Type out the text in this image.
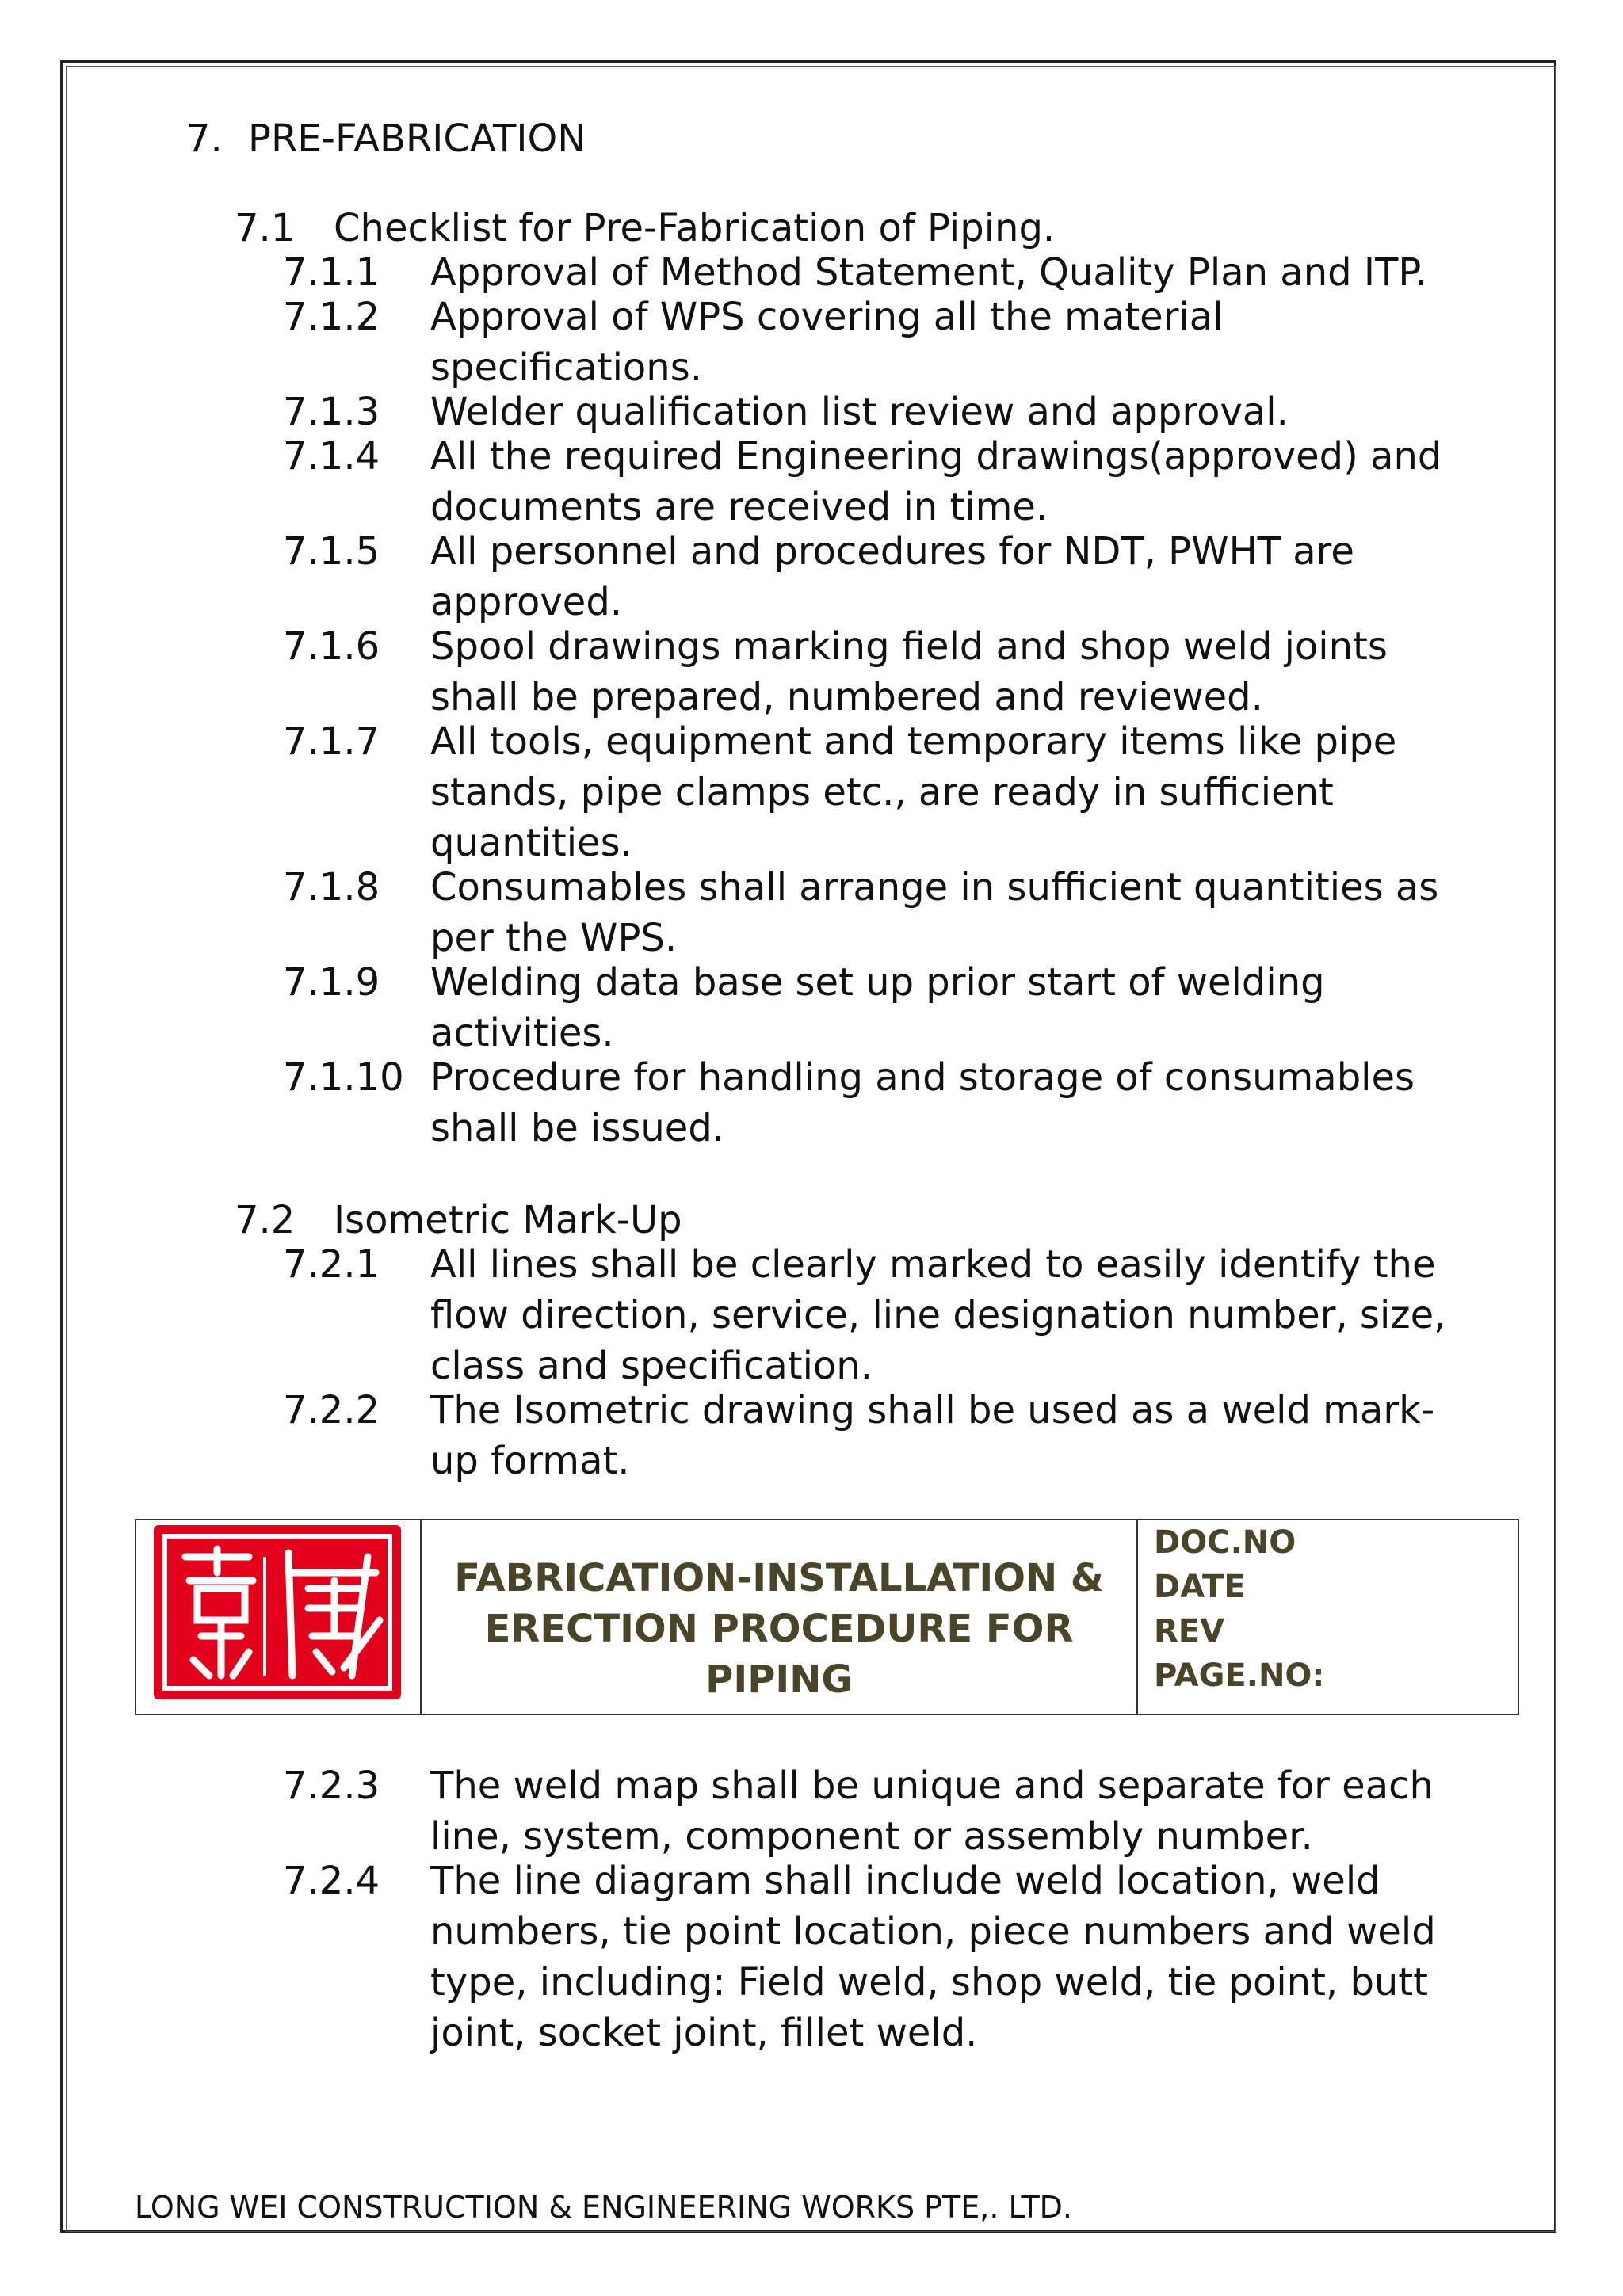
7. PRE-FABRICATION
7.1 Checklist for Pre-Fabrication of Piping.
7.1.1 Approval of Method Statement, Quality Plan and ITP.
7.1.2 Approval of WPS covering all the material specifications.
7.1.3 Welder qualification list review and approval.
7.1.4 All the required Engineering drawings(approved) and documents are received in time.
7.1.5 All personnel and procedures for NDT, PWHT are approved.
7.1.6 Spool drawings marking field and shop weld joints shall be prepared, numbered and reviewed.
7.1.7 All tools, equipment and temporary items like pipe stands, pipe clamps etc., are ready in sufficient quantities.
7.1.8 Consumables shall arrange in sufficient quantities as per the WPS.
7.1.9 Welding data base set up prior start of welding activities.
7.1.10 Procedure for handling and storage of consumables shall be issued.
7.2 Isometric Mark-Up
7.2.1 All lines shall be clearly marked to easily identify the flow direction, service, line designation number, size, class and specification.
7.2.2 The Isometric drawing shall be used as a weld mark-up format.
FABRICATION-INSTALLATION & ERECTION PROCEDURE FOR PIPING
DOC.NO
DATE
REV
PAGE.NO:
7.2.3 The weld map shall be unique and separate for each line, system, component or assembly number.
7.2.4 The line diagram shall include weld location, weld numbers, tie point location, piece numbers and weld type, including: Field weld, shop weld, tie point, butt joint, socket joint, fillet weld.
LONG WEI CONSTRUCTION & ENGINEERING WORKS PTE,. LTD.
